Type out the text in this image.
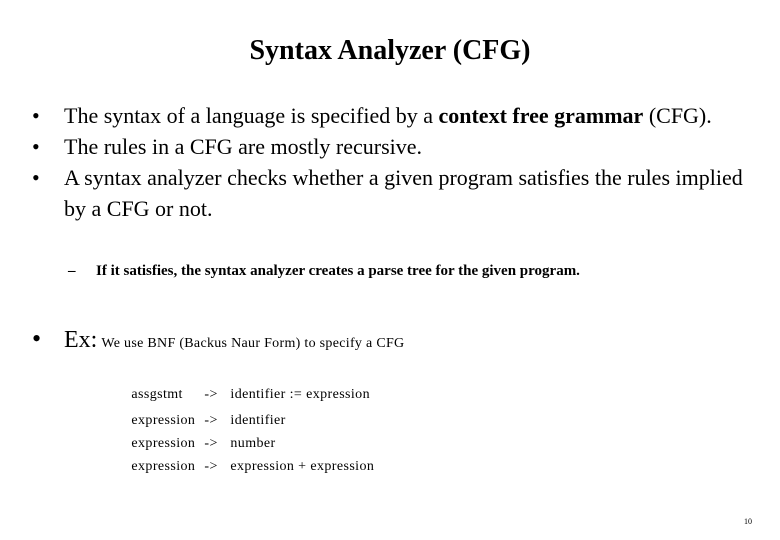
Syntax Analyzer (CFG)
• The syntax of a language is specified by a context free grammar (CFG).
• The rules in a CFG are mostly recursive.
• A syntax analyzer checks whether a given program satisfies the rules implied by a CFG or not.
– If it satisfies, the syntax analyzer creates a parse tree for the given program.
• Ex: We use BNF (Backus Naur Form) to specify a CFG

assgstmt -> identifier := expression

expression -> identifier

expression -> number

expression -> expression + expression

10
